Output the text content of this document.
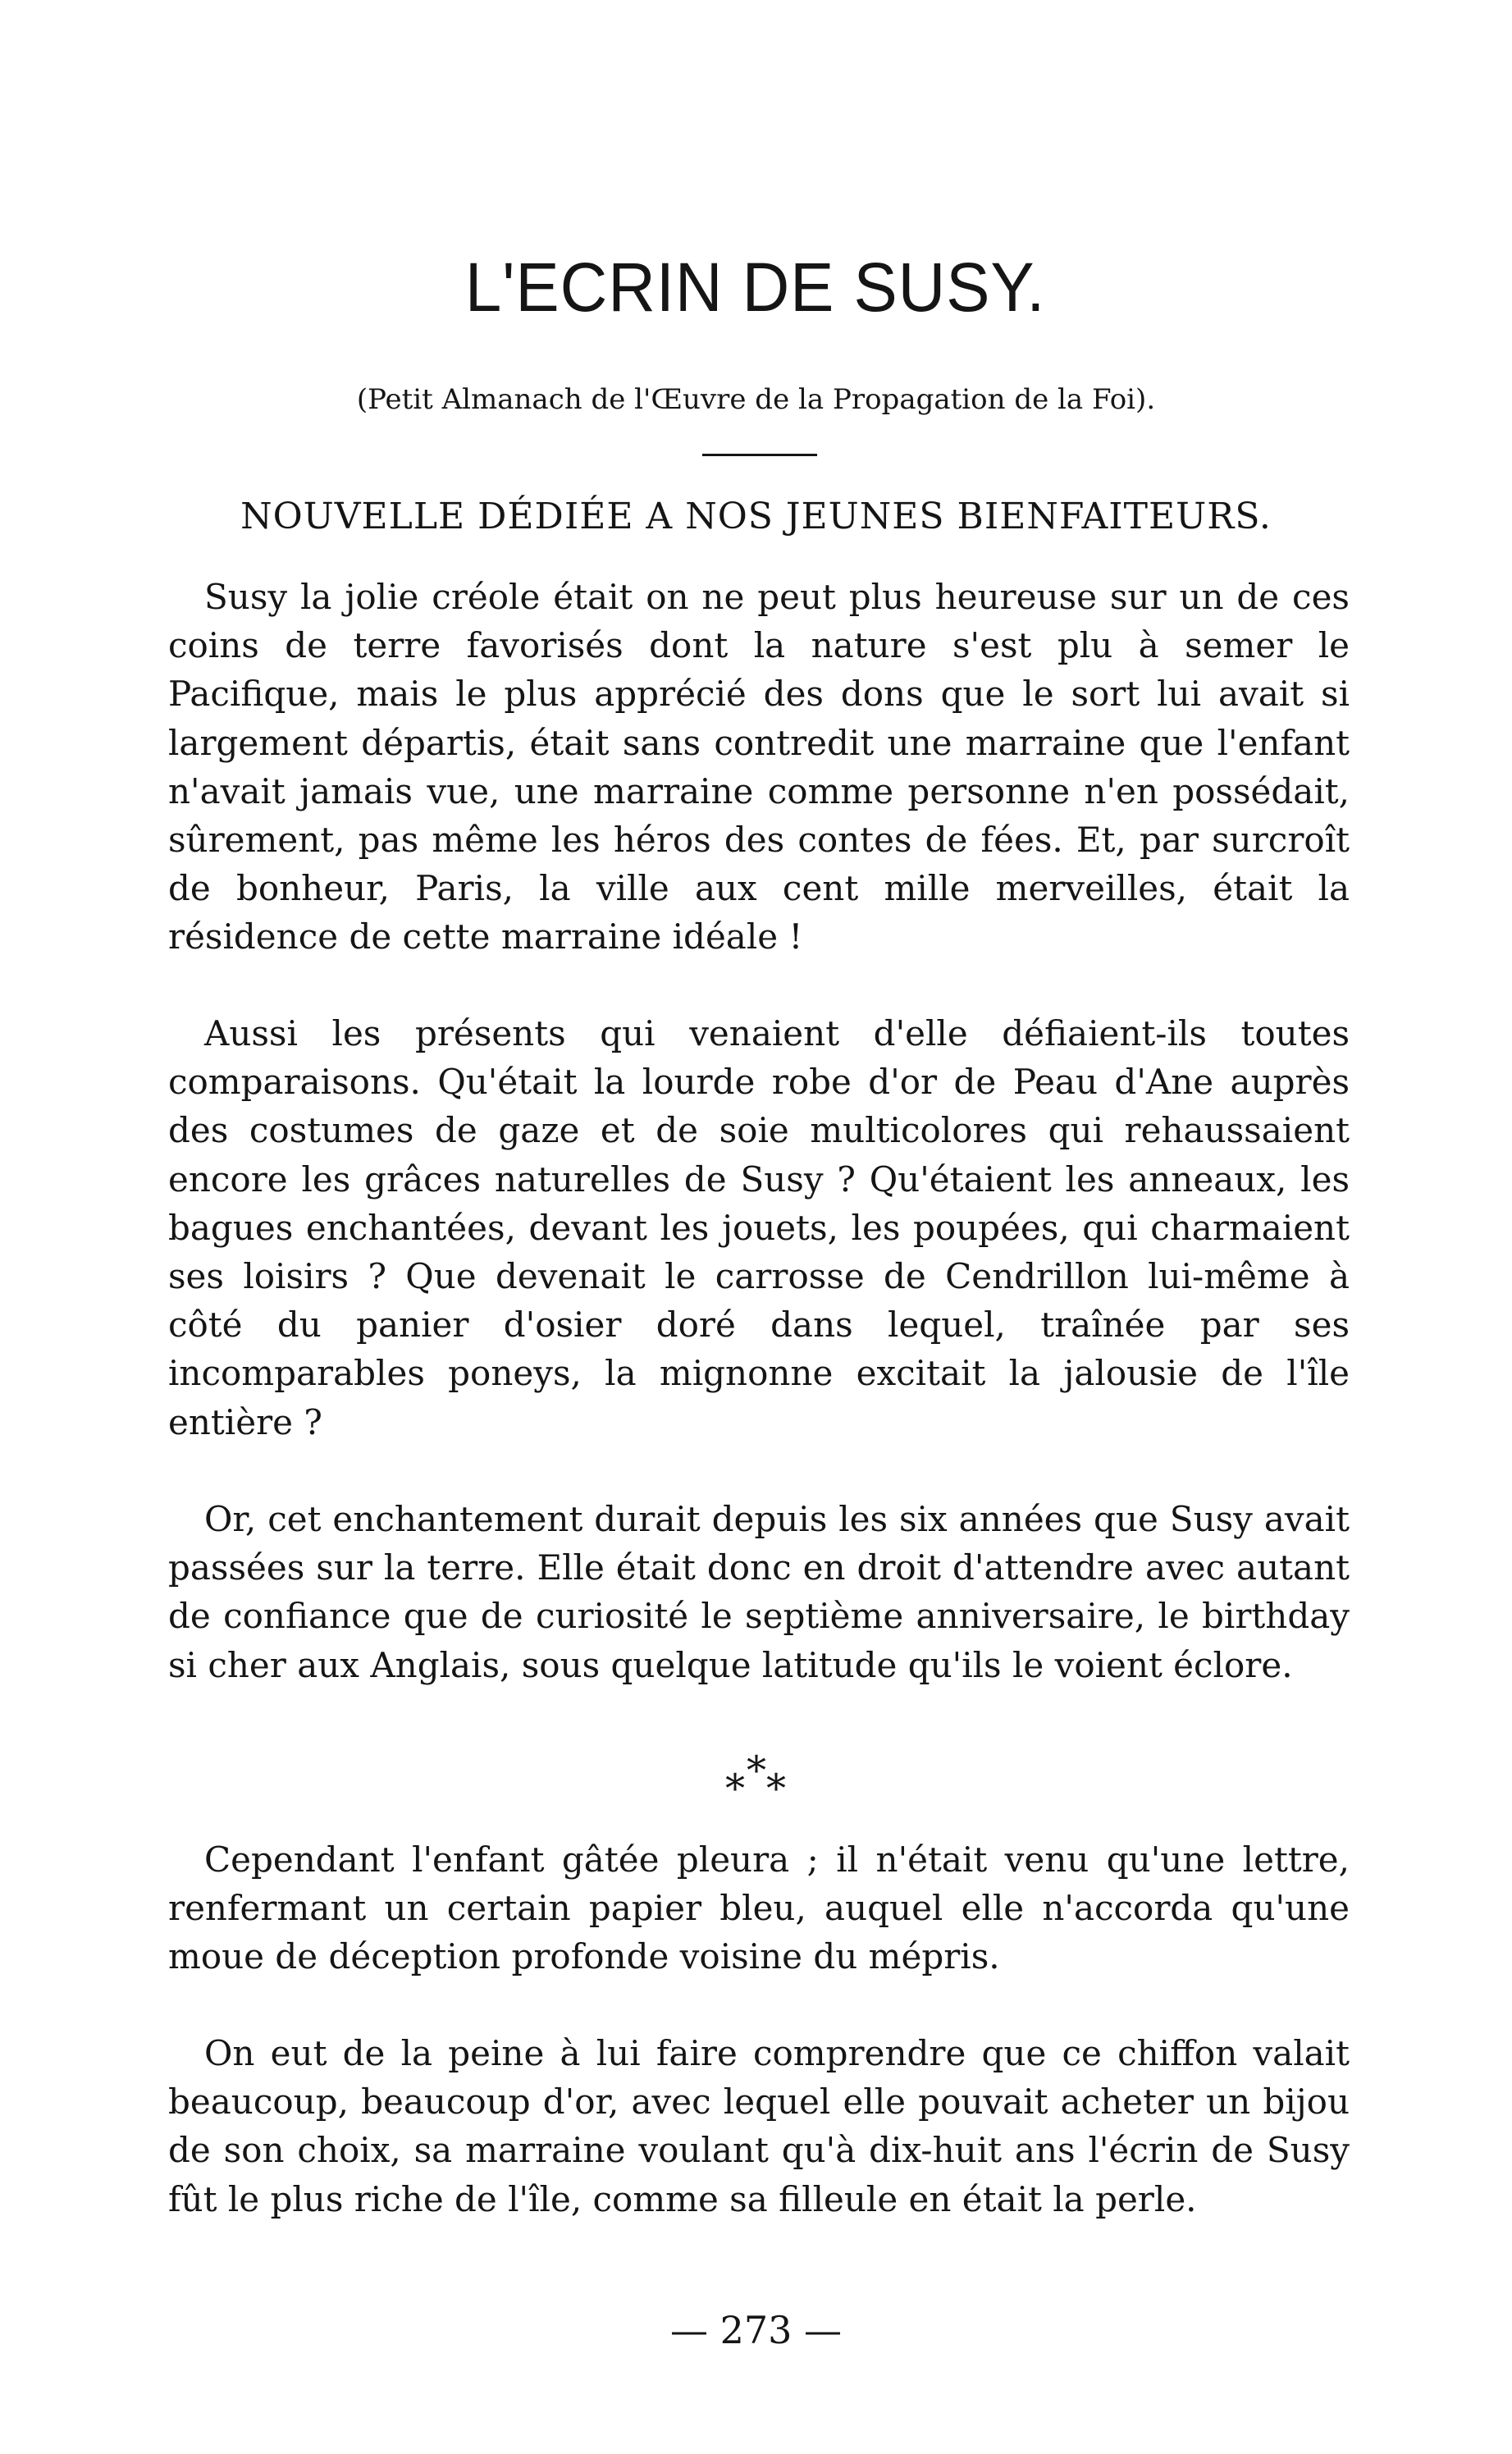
L'ECRIN DE SUSY.
(Petit Almanach de l'Œuvre de la Propagation de la Foi).
NOUVELLE DÉDIÉE A NOS JEUNES BIENFAITEURS.

Susy la jolie créole était on ne peut plus heureuse sur un de ces coins de terre favorisés dont la nature s'est plu à semer le Pacifique, mais le plus apprécié des dons que le sort lui avait si largement départis, était sans contredit une marraine que l'enfant n'avait jamais vue, une marraine comme personne n'en possédait, sûrement, pas même les héros des contes de fées. Et, par surcroît de bonheur, Paris, la ville aux cent mille merveilles, était la résidence de cette marraine idéale !

Aussi les présents qui venaient d'elle défiaient-ils toutes comparaisons. Qu'était la lourde robe d'or de Peau d'Ane auprès des costumes de gaze et de soie multicolores qui rehaussaient encore les grâces naturelles de Susy ? Qu'étaient les anneaux, les bagues enchantées, devant les jouets, les poupées, qui charmaient ses loisirs ? Que devenait le carrosse de Cendrillon lui-même à côté du panier d'osier doré dans lequel, traînée par ses incomparables poneys, la mignonne excitait la jalousie de l'île entière ?

Or, cet enchantement durait depuis les six années que Susy avait passées sur la terre. Elle était donc en droit d'attendre avec autant de confiance que de curiosité le septième anniversaire, le birthday si cher aux Anglais, sous quelque latitude qu'ils le voient éclore.

*
* *

Cependant l'enfant gâtée pleura ; il n'était venu qu'une lettre, renfermant un certain papier bleu, auquel elle n'accorda qu'une moue de déception profonde voisine du mépris.

On eut de la peine à lui faire comprendre que ce chiffon valait beaucoup, beaucoup d'or, avec lequel elle pouvait acheter un bijou de son choix, sa marraine voulant qu'à dix-huit ans l'écrin de Susy fût le plus riche de l'île, comme sa filleule en était la perle.

— 273 —
